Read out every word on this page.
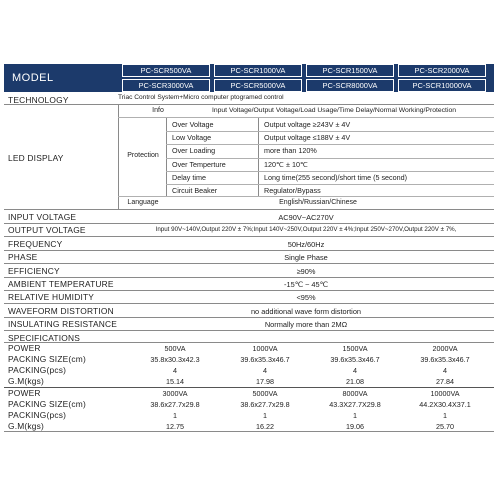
MODEL
PC-SCR500VA	PC-SCR1000VA	PC-SCR1500VA	PC-SCR2000VA
PC-SCR3000VA	PC-SCR5000VA	PC-SCR8000VA	PC-SCR10000VA
TECHNOLOGY	Triac Control System+Micro computer ptogramed control
LED DISPLAY
Info	Input Voltage/Output Voltage/Load Usage/Time Delay/Normal Working/Protection
Protection
Over Voltage	Output voltage ≥243V ± 4V
Low Voltage	Output voltage ≤188V ± 4V
Over Loading	more than 120%
Over Temperture	120℃ ± 10℃
Delay time	Long time(255 second)/short time (5 second)
Circuit Beaker	Regulator/Bypass
Language	English/Russian/Chinese
INPUT VOLTAGE	AC90V~AC270V
OUTPUT VOLTAGE	Input 90V~140V,Output 220V ± 7%;Input 140V~250V,Output 220V ± 4%;Input 250V~270V,Output 220V ± 7%,
FREQUENCY	50Hz/60Hz
PHASE	Single Phase
EFFICIENCY	≥90%
AMBIENT TEMPERATURE	-15℃ ~ 45℃
RELATIVE HUMIDITY	<95%
WAVEFORM DISTORTION	no additional wave form distortion
INSULATING RESISTANCE	Normally more than 2MΩ
SPECIFICATIONS
POWER	500VA	1000VA	1500VA	2000VA
PACKING SIZE(cm)	35.8x30.3x42.3	39.6x35.3x46.7	39.6x35.3x46.7	39.6x35.3x46.7
PACKING(pcs)	4	4	4	4
G.M(kgs)	15.14	17.98	21.08	27.84
POWER	3000VA	5000VA	8000VA	10000VA
PACKING SIZE(cm)	38.6x27.7x29.8	38.6x27.7x29.8	43.3X27.7X29.8	44.2X30.4X37.1
PACKING(pcs)	1	1	1	1
G.M(kgs)	12.75	16.22	19.06	25.70
